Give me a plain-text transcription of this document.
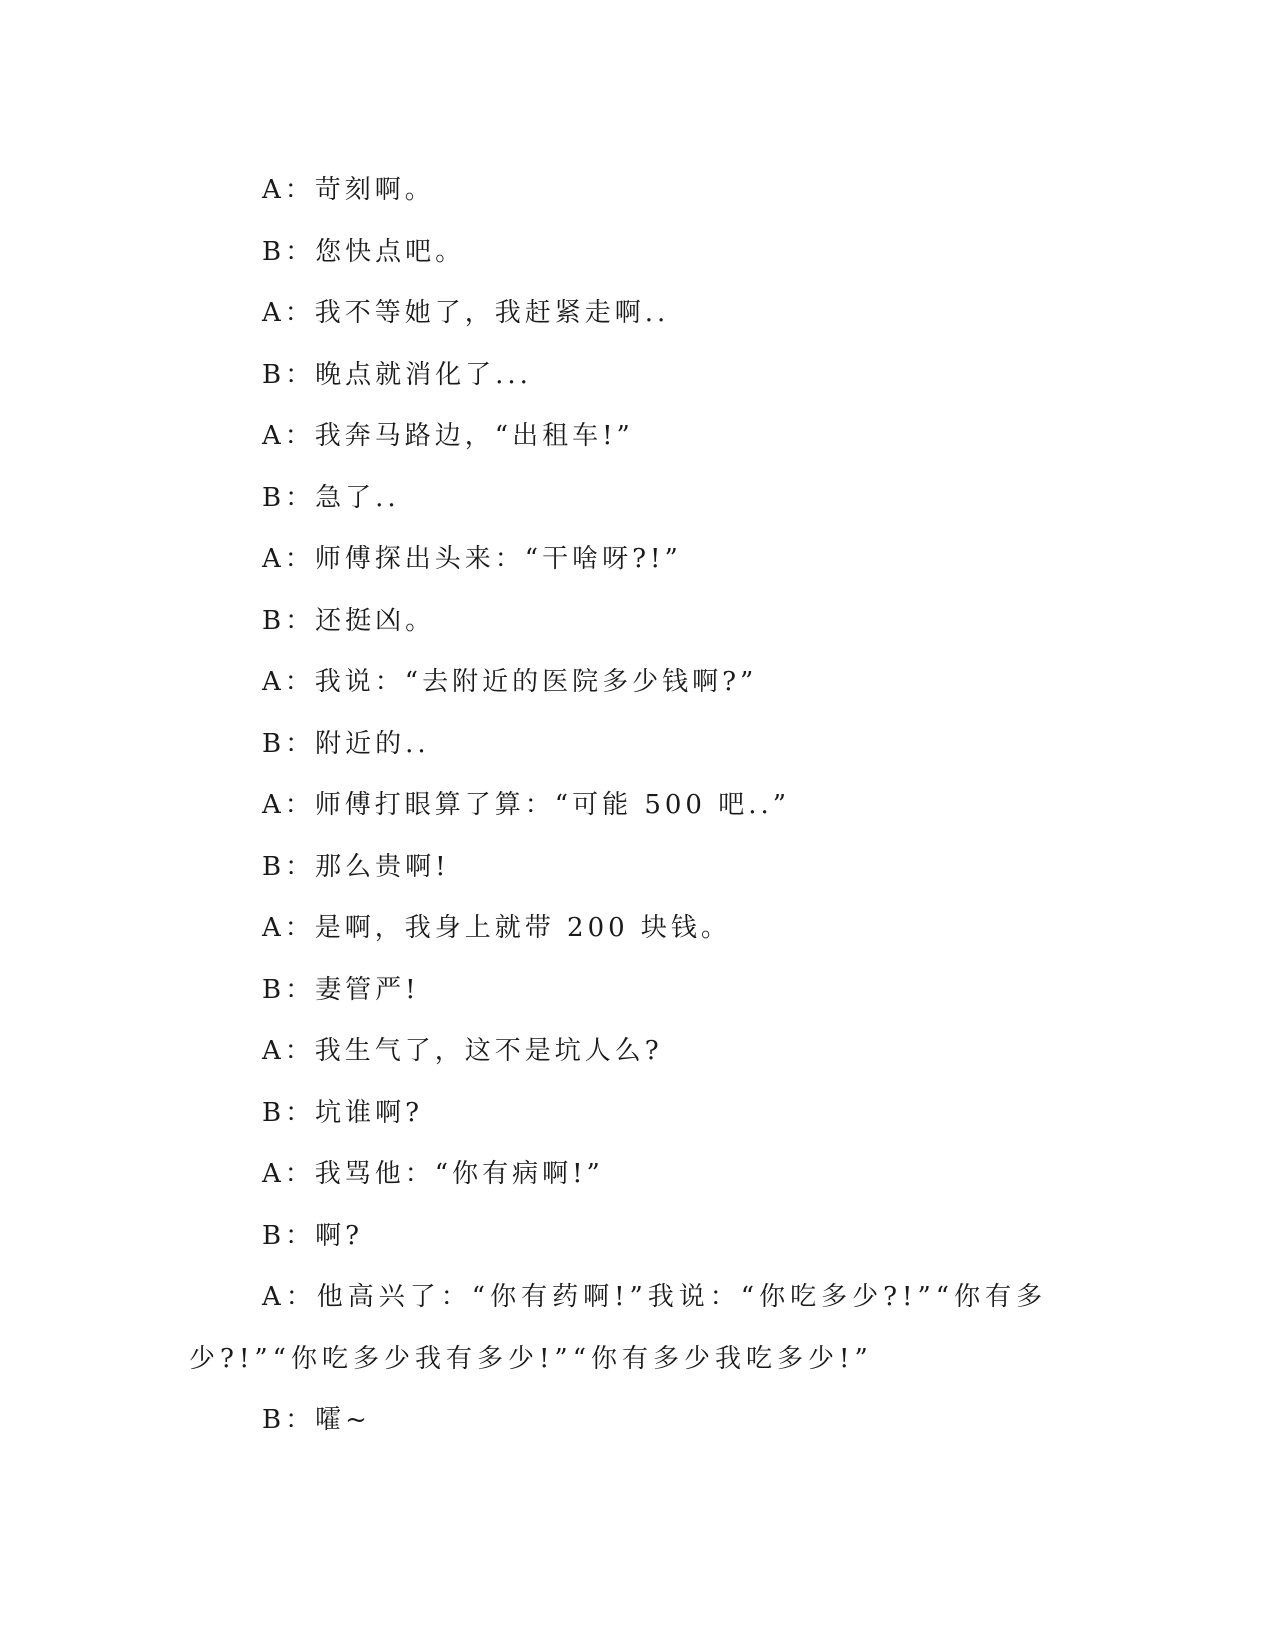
A：苛刻啊。

B：您快点吧。

A：我不等她了，我赶紧走啊..

B：晚点就消化了...

A：我奔马路边，“出租车!”

B：急了..

A：师傅探出头来：“干啥呀?!”

B：还挺凶。

A：我说：“去附近的医院多少钱啊?”

B：附近的..

A：师傅打眼算了算：“可能 500 吧..”

B：那么贵啊!

A：是啊，我身上就带 200 块钱。

B：妻管严!

A：我生气了，这不是坑人么?

B：坑谁啊?

A：我骂他：“你有病啊!”

B：啊?

A：他高兴了：“你有药啊!”我说：“你吃多少?!”“你有多少?!”“你吃多少我有多少!”“你有多少我吃多少!”

B：嚯~
